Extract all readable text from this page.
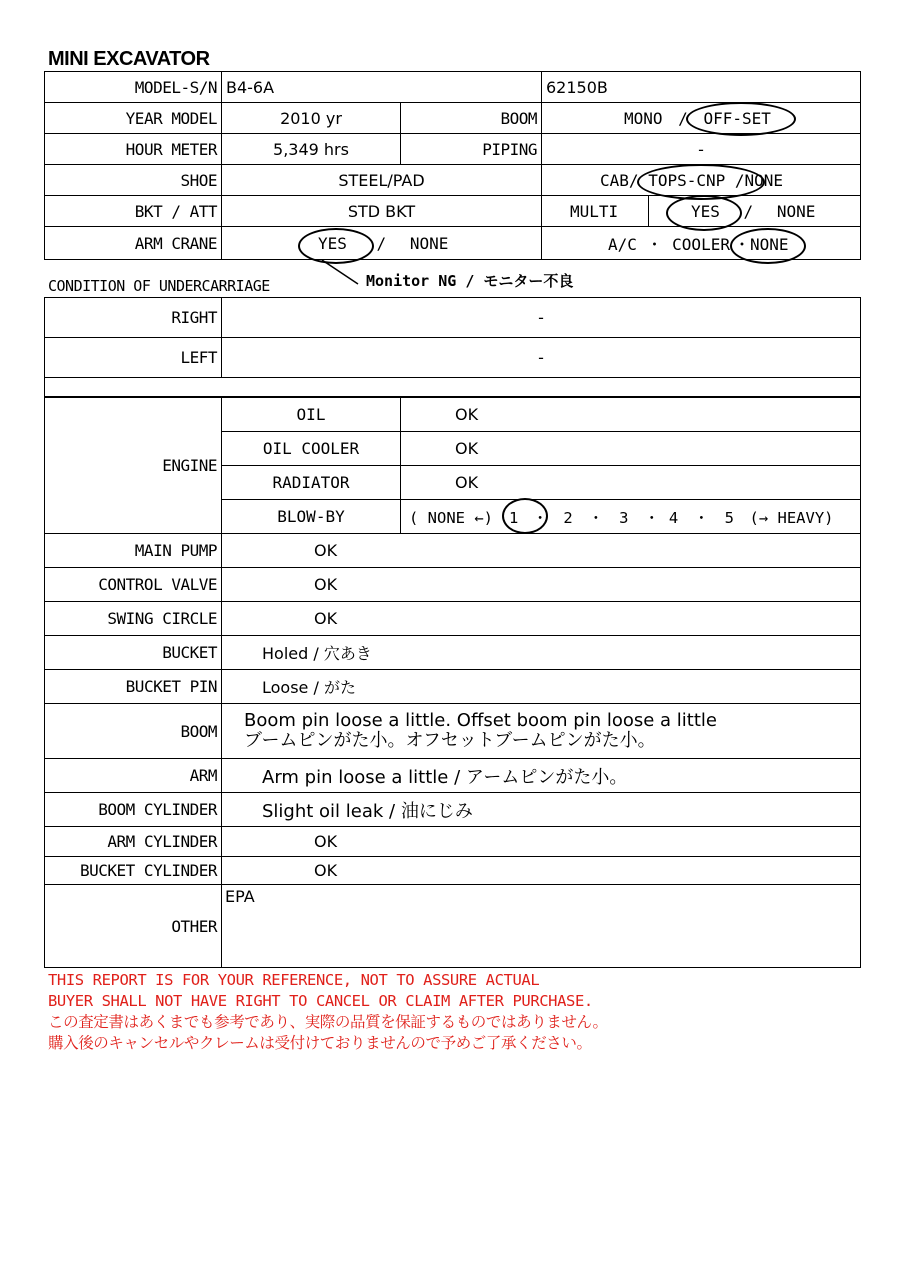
MINI EXCAVATOR
MODEL-S/N	B4-6A		62150B	
YEAR MODEL	2010 yr	BOOM	MONO / OFF-SET	
HOUR METER	5,349 hrs	PIPING	-	
SHOE	STEEL/PAD		CAB/ TOPS-CNP /NONE	
BKT / ATT	STD BKT		MULTI	YES / NONE
ARM CRANE	YES / NONE		A/C ・ COOLER ・NONE	
CONDITION OF UNDERCARRIAGE	Monitor NG / モニター不良
RIGHT	-
LEFT	-

ENGINE	OIL	OK
	OIL COOLER	OK
	RADIATOR	OK
	BLOW-BY	( NONE ←) 1 ・　2　・　3　・ 4　・　5　(→ HEAVY)
MAIN PUMP	OK	
CONTROL VALVE	OK	
SWING CIRCLE	OK	
BUCKET	Holed / 穴あき	
BUCKET PIN	Loose / がた	
BOOM	Boom pin loose a little. Offset boom pin loose a little
ブームピンがた小。オフセットブームピンがた小。	

ARM	Arm pin loose a little / アームピンがた小。	
BOOM CYLINDER	Slight oil leak / 油にじみ	
ARM CYLINDER	OK	
BUCKET CYLINDER	OK	
OTHER	EPA	
THIS REPORT IS FOR YOUR REFERENCE, NOT TO ASSURE ACTUAL
BUYER SHALL NOT HAVE RIGHT TO CANCEL OR CLAIM AFTER PURCHASE.
この査定書はあくまでも参考であり、実際の品質を保証するものではありません。
購入後のキャンセルやクレームは受付けておりませんので予めご了承ください。
